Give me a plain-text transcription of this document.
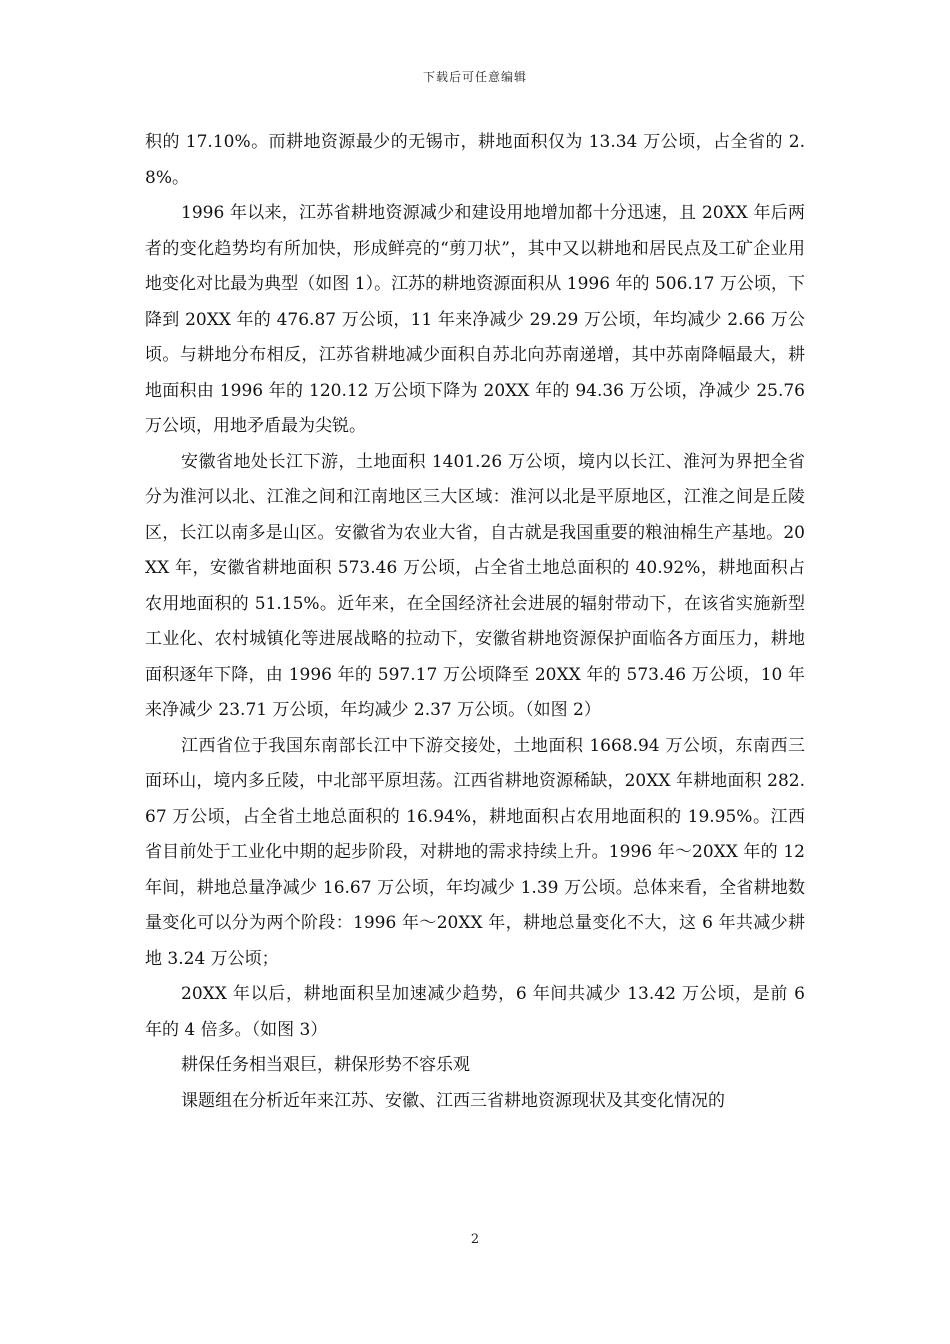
下载后可任意编辑

积的 17.10%。而耕地资源最少的无锡市，耕地面积仅为 13.34 万公顷，占全省的 2.8%。

1996 年以来，江苏省耕地资源减少和建设用地增加都十分迅速，且 20XX 年后两者的变化趋势均有所加快，形成鲜亮的“剪刀状”，其中又以耕地和居民点及工矿企业用地变化对比最为典型（如图 1）。江苏的耕地资源面积从 1996 年的 506.17 万公顷，下降到 20XX 年的 476.87 万公顷，11 年来净减少 29.29 万公顷，年均减少 2.66 万公顷。与耕地分布相反，江苏省耕地减少面积自苏北向苏南递增，其中苏南降幅最大，耕地面积由 1996 年的 120.12 万公顷下降为 20XX 年的 94.36 万公顷，净减少 25.76 万公顷，用地矛盾最为尖锐。

安徽省地处长江下游，土地面积 1401.26 万公顷，境内以长江、淮河为界把全省分为淮河以北、江淮之间和江南地区三大区域：淮河以北是平原地区，江淮之间是丘陵区，长江以南多是山区。安徽省为农业大省，自古就是我国重要的粮油棉生产基地。20XX 年，安徽省耕地面积 573.46 万公顷，占全省土地总面积的 40.92%，耕地面积占农用地面积的 51.15%。近年来，在全国经济社会进展的辐射带动下，在该省实施新型工业化、农村城镇化等进展战略的拉动下，安徽省耕地资源保护面临各方面压力，耕地面积逐年下降，由 1996 年的 597.17 万公顷降至 20XX 年的 573.46 万公顷，10 年来净减少 23.71 万公顷，年均减少 2.37 万公顷。（如图 2）

江西省位于我国东南部长江中下游交接处，土地面积 1668.94 万公顷，东南西三面环山，境内多丘陵，中北部平原坦荡。江西省耕地资源稀缺，20XX 年耕地面积 282.67 万公顷，占全省土地总面积的 16.94%，耕地面积占农用地面积的 19.95%。江西省目前处于工业化中期的起步阶段，对耕地的需求持续上升。1996 年～20XX 年的 12 年间，耕地总量净减少 16.67 万公顷，年均减少 1.39 万公顷。总体来看，全省耕地数量变化可以分为两个阶段：1996 年～20XX 年，耕地总量变化不大，这 6 年共减少耕地 3.24 万公顷；

20XX 年以后，耕地面积呈加速减少趋势，6 年间共减少 13.42 万公顷，是前 6 年的 4 倍多。（如图 3）

耕保任务相当艰巨，耕保形势不容乐观

课题组在分析近年来江苏、安徽、江西三省耕地资源现状及其变化情况的

2
